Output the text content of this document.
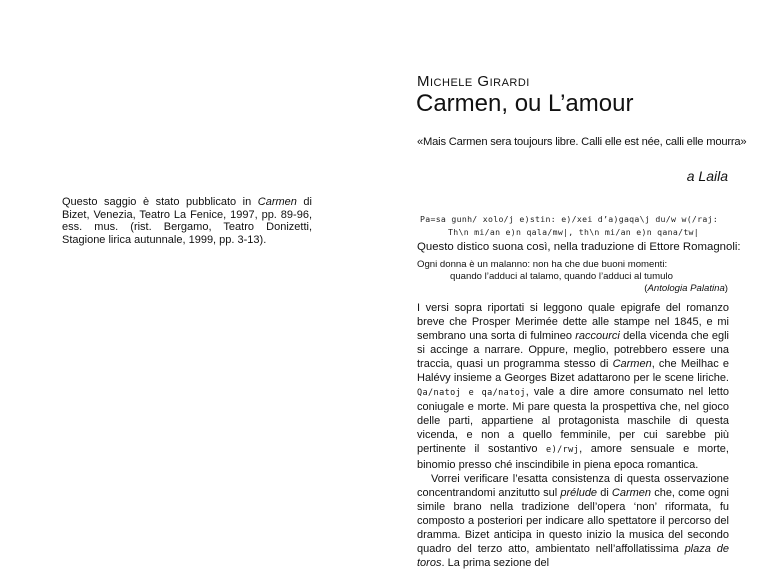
Michele Girardi
Carmen, ou L’amour
«Mais Carmen sera toujours libre. Calli elle est née, calli elle mourra»
a Laila
Questo saggio è stato pubblicato in Carmen di Bizet, Venezia, Teatro La Fenice, 1997, pp. 89-96, ess. mus. (rist. Bergamo, Teatro Donizetti, Stagione lirica autunnale, 1999, pp. 3-13).
Pa=sa gunh/ xolo/j e)stin: e)/xei d’a)gaqa\j du/w w(/raj:
Th\n mi/an e)n qala/mw|, th\n mi/an e)n qana/tw|
Questo distico suona così, nella traduzione di Ettore Romagnoli:
Ogni donna è un malanno: non ha che due buoni momenti:
quando l’adduci al talamo, quando l’adduci al tumulo
(Antologia Palatina)

I versi sopra riportati si leggono quale epigrafe del romanzo breve che Prosper Merimée dette alle stampe nel 1845, e mi sembrano una sorta di fulmineo raccourci della vicenda che egli si accinge a narrare. Oppure, meglio, potrebbero essere una traccia, quasi un programma stesso di Carmen, che Meilhac e Halévy insieme a Georges Bizet adattarono per le scene liriche. Qa/natoj e qa/natoj, vale a dire amore consumato nel letto coniugale e morte. Mi pare questa la prospettiva che, nel gioco delle parti, appartiene al protagonista maschile di questa vicenda, e non a quello femminile, per cui sarebbe più pertinente il sostantivo e)/rwj, amore sensuale e morte, binomio presso ché inscindibile in piena epoca romantica.

Vorrei verificare l’esatta consistenza di questa osservazione concentrandomi anzitutto sul prélude di Carmen che, come ogni simile brano nella tradizione dell’opera ‘non’ riformata, fu composto a posteriori per indicare allo spettatore il percorso del dramma. Bizet anticipa in questo inizio la musica del secondo quadro del terzo atto, ambientato nell’affollatissima plaza de toros. La prima sezione del
